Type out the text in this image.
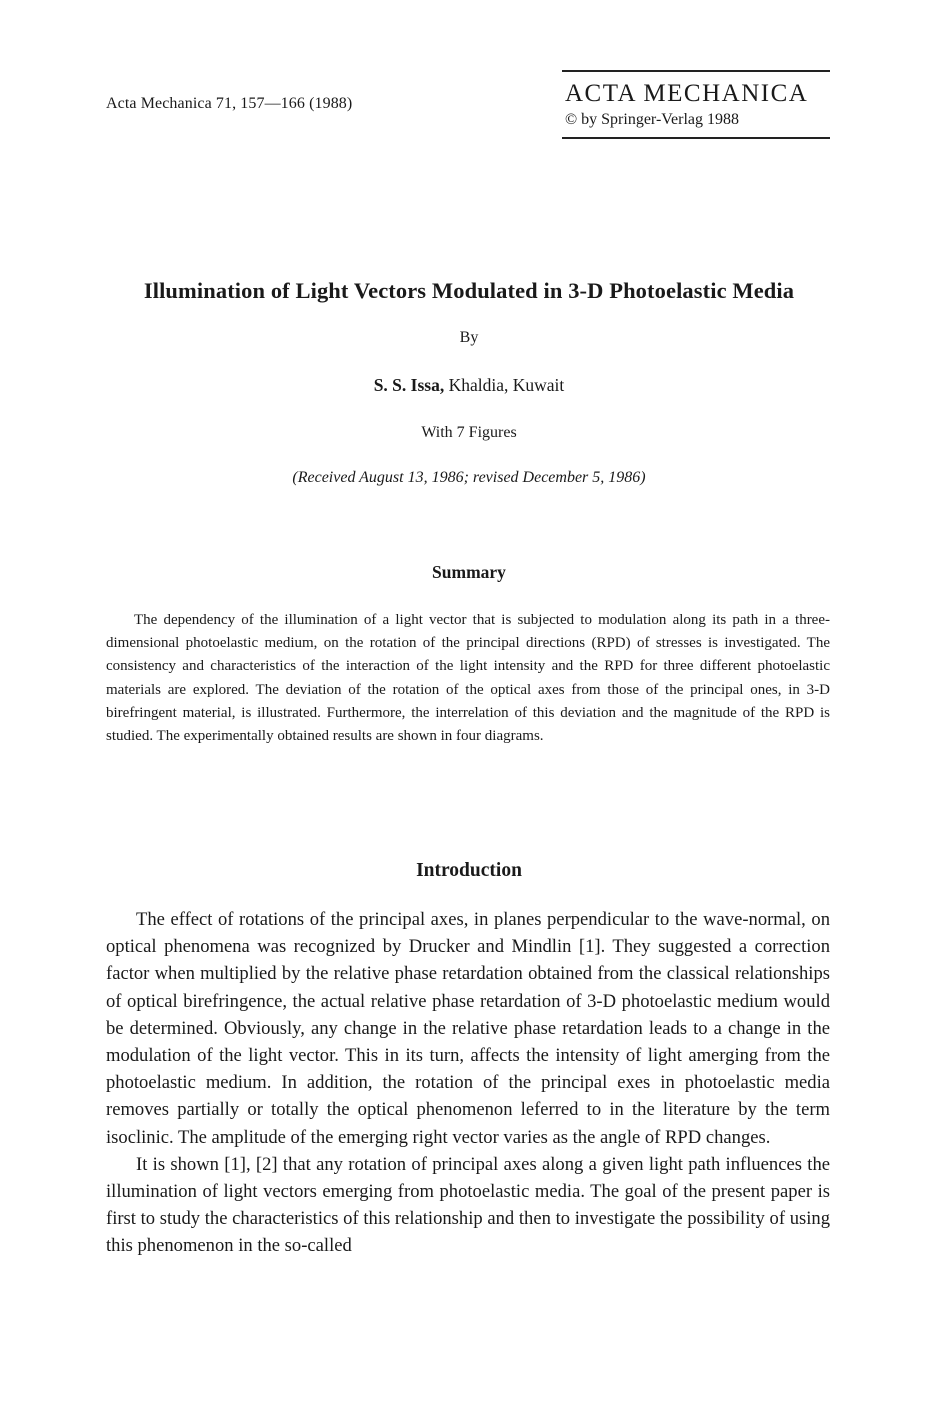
Acta Mechanica 71, 157—166 (1988)	ACTA MECHANICA
© by Springer-Verlag 1988
Illumination of Light Vectors Modulated in 3-D Photoelastic Media
By
S. S. Issa, Khaldia, Kuwait
With 7 Figures
(Received August 13, 1986; revised December 5, 1986)
Summary

The dependency of the illumination of a light vector that is subjected to modulation along its path in a three-dimensional photoelastic medium, on the rotation of the principal directions (RPD) of stresses is investigated. The consistency and characteristics of the interaction of the light intensity and the RPD for three different photoelastic materials are explored. The deviation of the rotation of the optical axes from those of the principal ones, in 3-D birefringent material, is illustrated. Furthermore, the interrelation of this deviation and the magnitude of the RPD is studied. The experimentally obtained results are shown in four diagrams.

Introduction

The effect of rotations of the principal axes, in planes perpendicular to the wave-normal, on optical phenomena was recognized by Drucker and Mindlin [1]. They suggested a correction factor when multiplied by the relative phase retardation obtained from the classical relationships of optical birefringence, the actual relative phase retardation of 3-D photoelastic medium would be determined. Obviously, any change in the relative phase retardation leads to a change in the modulation of the light vector. This in its turn, affects the intensity of light amerging from the photoelastic medium. In addition, the rotation of the principal exes in photoelastic media removes partially or totally the optical phenomenon leferred to in the literature by the term isoclinic. The amplitude of the emerging right vector varies as the angle of RPD changes.

It is shown [1], [2] that any rotation of principal axes along a given light path influences the illumination of light vectors emerging from photoelastic media. The goal of the present paper is first to study the characteristics of this relationship and then to investigate the possibility of using this phenomenon in the so-called
